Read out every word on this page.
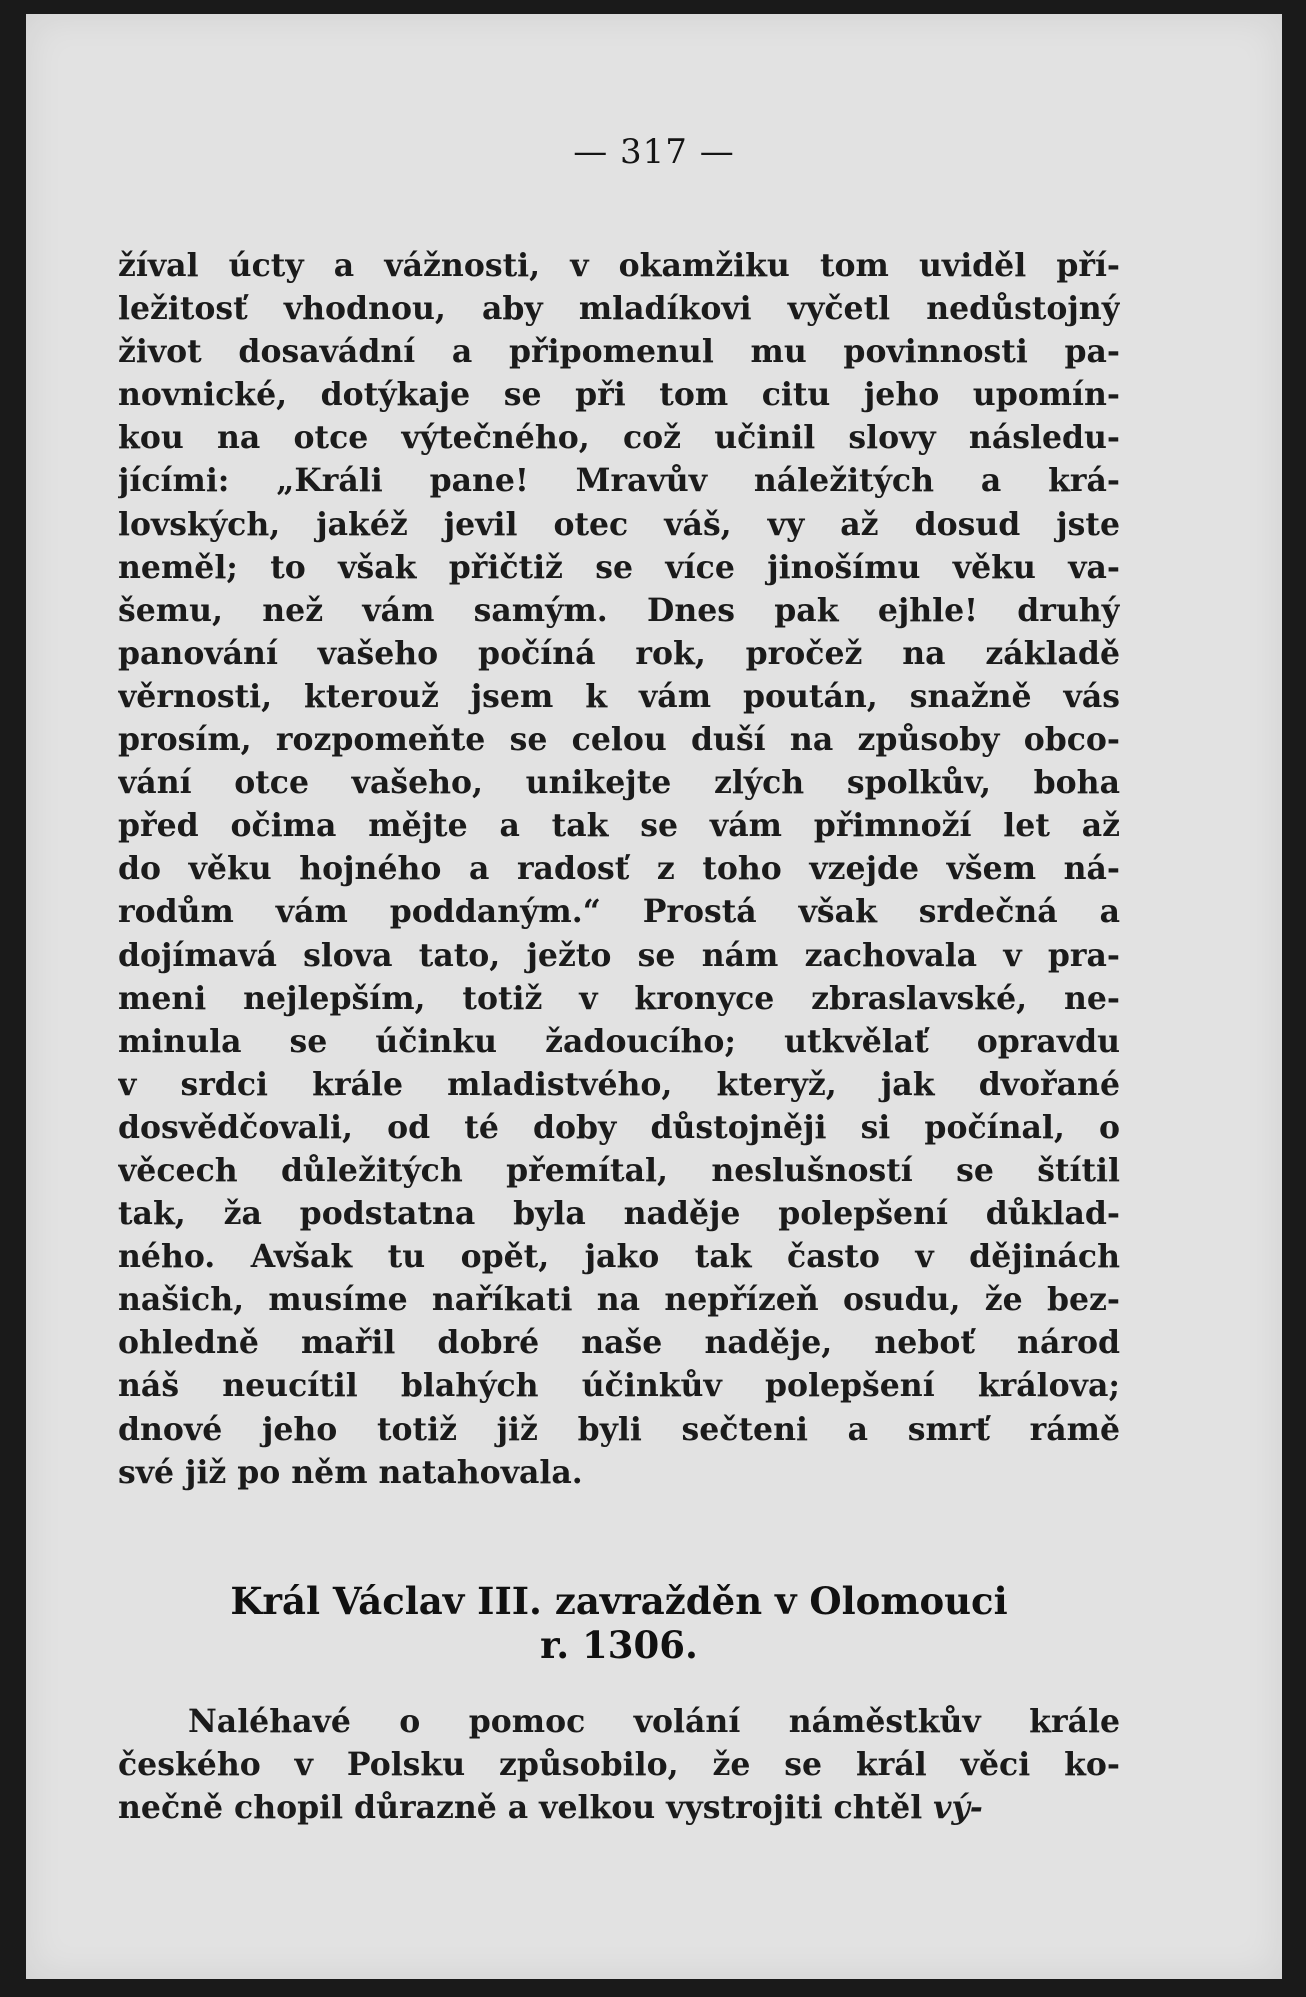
— 317 —
žíval úcty a vážnosti, v okamžiku tom uviděl pří-
ležitosť vhodnou, aby mladíkovi vyčetl nedůstojný
život dosavádní a připomenul mu povinnosti pa-
novnické, dotýkaje se při tom citu jeho upomín-
kou na otce výtečného, což učinil slovy následu-
jícími: „Králi pane! Mravův náležitých a krá-
lovských, jakéž jevil otec váš, vy až dosud jste
neměl; to však přičtiž se více jinošímu věku va-
šemu, než vám samým. Dnes pak ejhle! druhý
panování vašeho počíná rok, pročež na základě
věrnosti, kterouž jsem k vám poután, snažně vás
prosím, rozpomeňte se celou duší na způsoby obco-
vání otce vašeho, unikejte zlých spolkův, boha
před očima mějte a tak se vám přimnoží let až
do věku hojného a radosť z toho vzejde všem ná-
rodům vám poddaným.“ Prostá však srdečná a
dojímavá slova tato, ježto se nám zachovala v pra-
meni nejlepším, totiž v kronyce zbraslavské, ne-
minula se účinku žadoucího; utkvělať opravdu
v srdci krále mladistvého, kteryž, jak dvořané
dosvědčovali, od té doby důstojněji si počínal, o
věcech důležitých přemítal, neslušností se štítil
tak, ža podstatna byla naděje polepšení důklad-
ného. Avšak tu opět, jako tak často v dějinách
našich, musíme naříkati na nepřízeň osudu, že bez-
ohledně mařil dobré naše naděje, neboť národ
náš neucítil blahých účinkův polepšení králova;
dnové jeho totiž již byli sečteni a smrť rámě
své již po něm natahovala.
Král Václav III. zavražděn v Olomouci
r. 1306.
Naléhavé o pomoc volání náměstkův krále
českého v Polsku způsobilo, že se král věci ko-
nečně chopil důrazně a velkou vystrojiti chtěl vý-
